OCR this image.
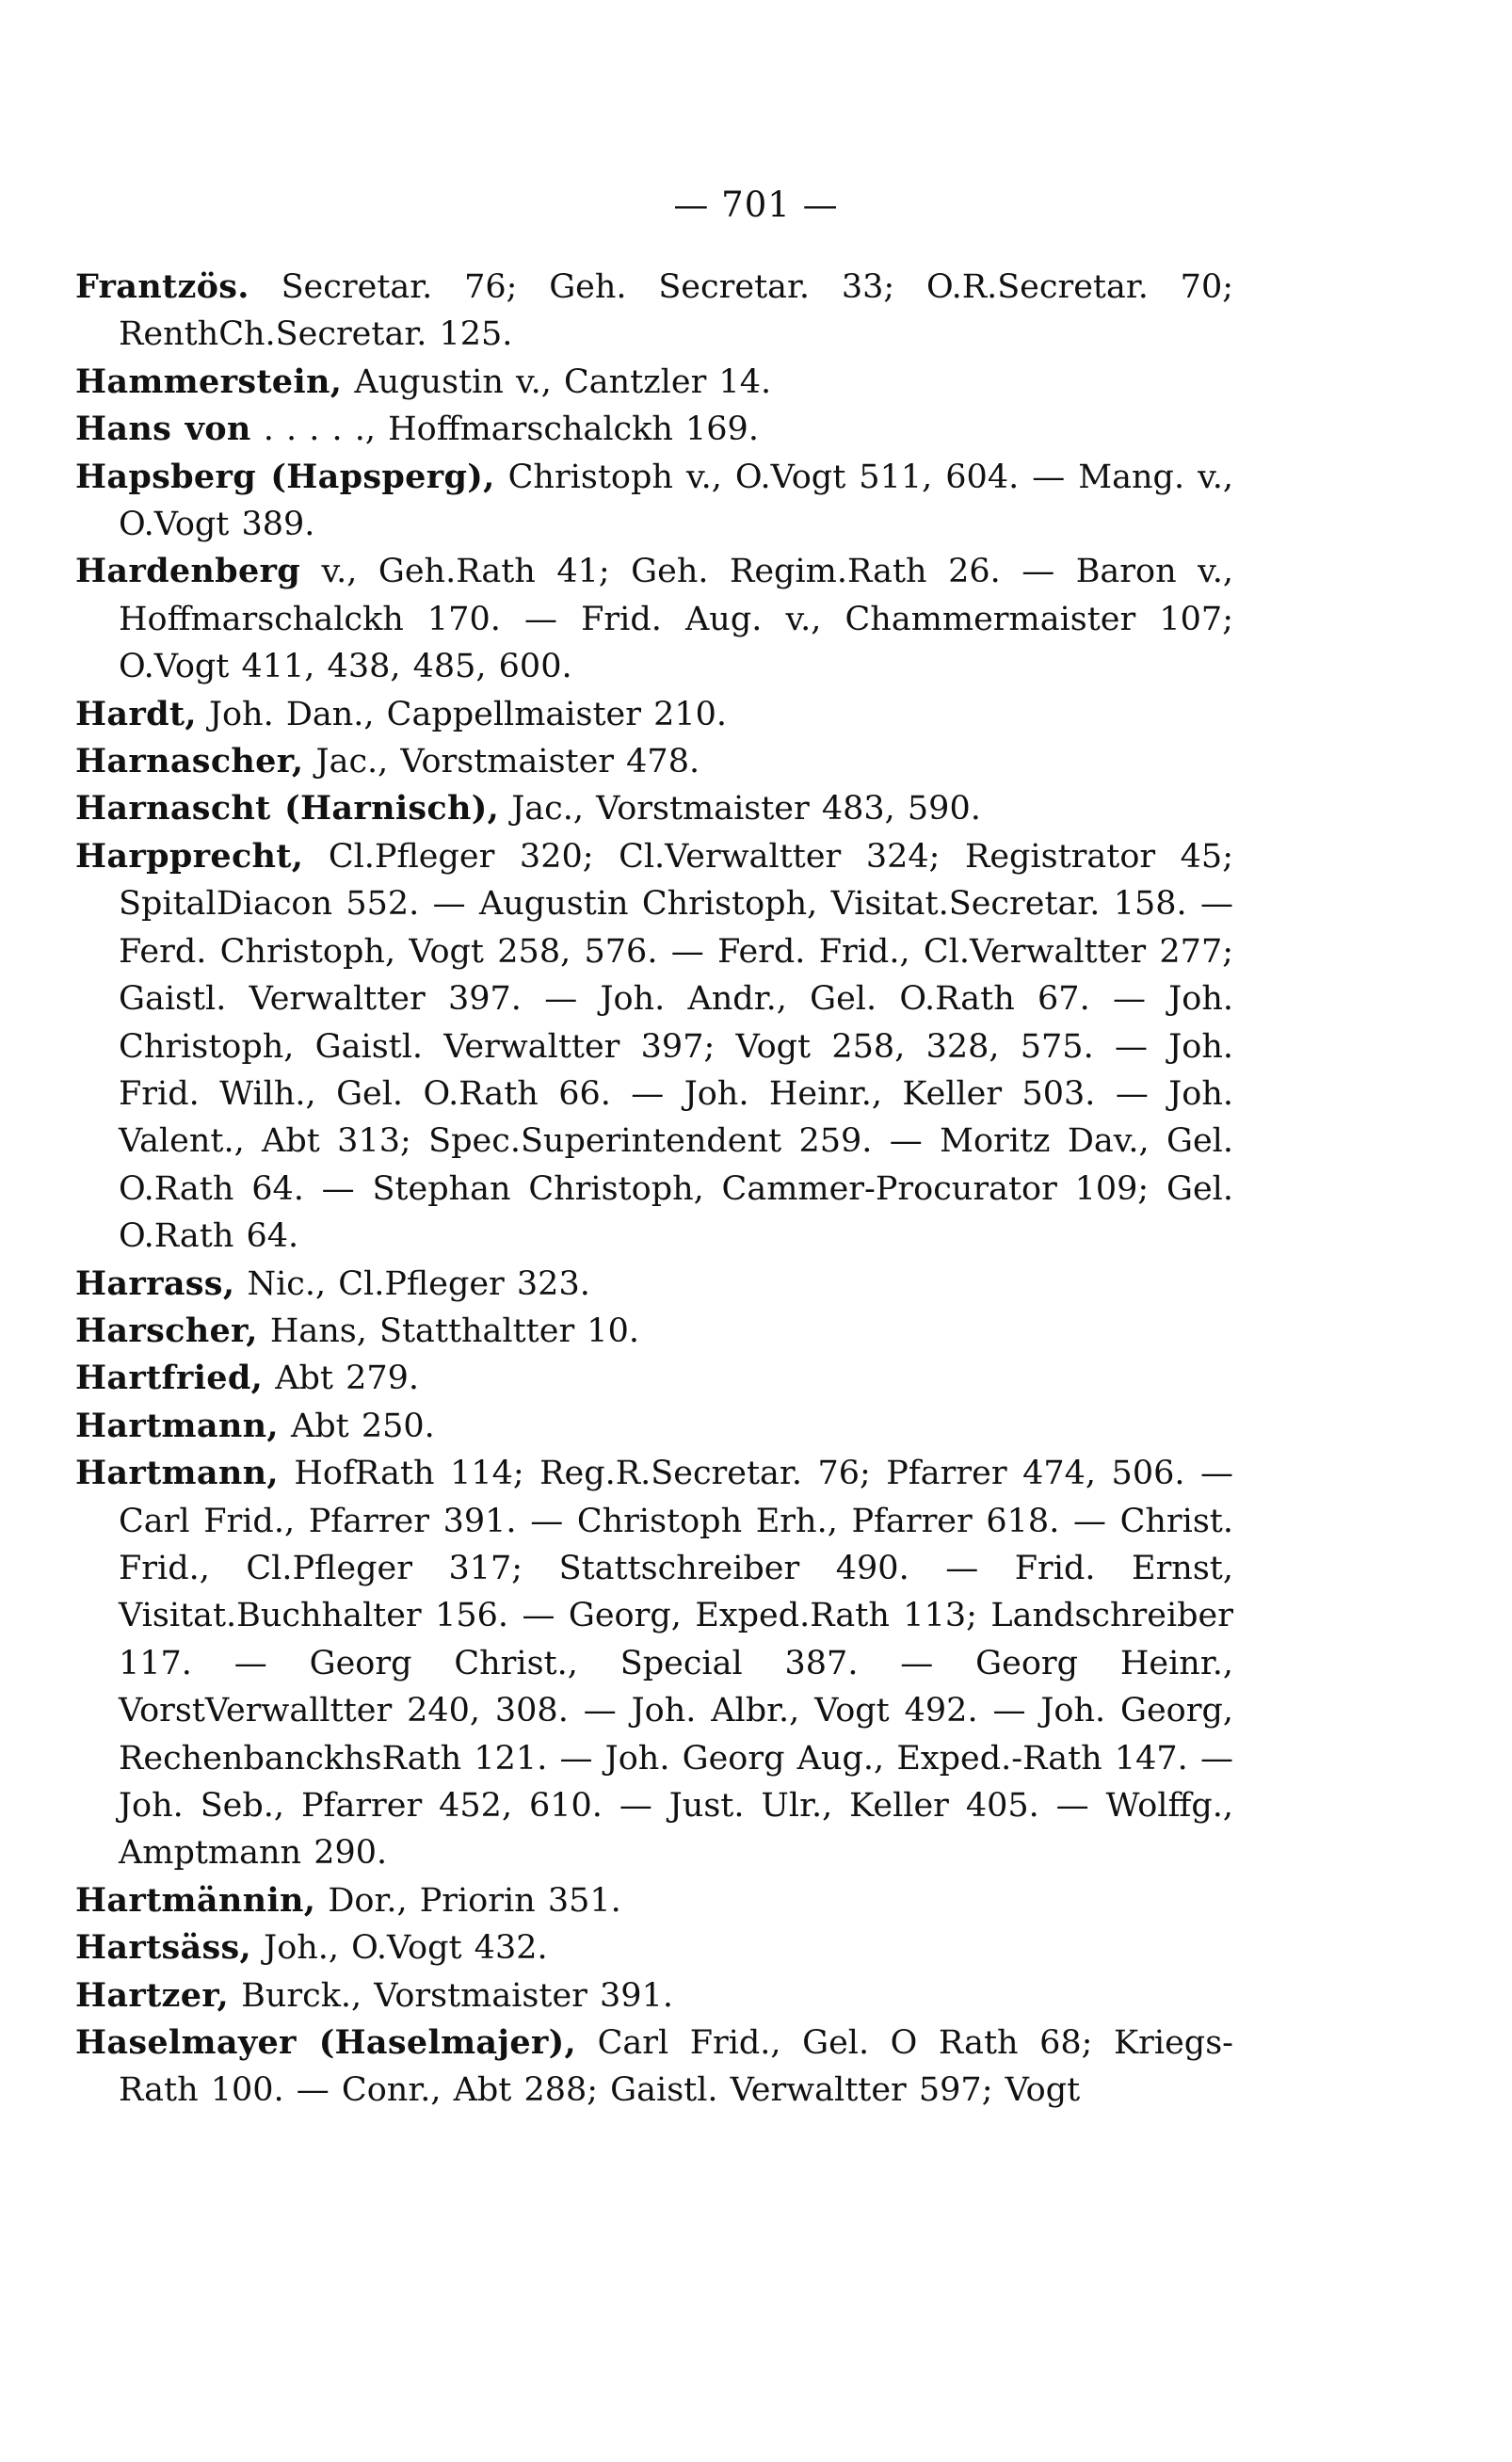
— 701 —

Frantzös. Secretar. 76; Geh. Secretar. 33; O.R.Secretar. 70; RenthCh.Secretar. 125.

Hammerstein, Augustin v., Cantzler 14.

Hans von . . . . ., Hoffmarschalckh 169.

Hapsberg (Hapsperg), Christoph v., O.Vogt 511, 604. — Mang. v., O.Vogt 389.

Hardenberg v., Geh.Rath 41; Geh. Regim.Rath 26. — Baron v., Hoffmarschalckh 170. — Frid. Aug. v., Chammermaister 107; O.Vogt 411, 438, 485, 600.

Hardt, Joh. Dan., Cappellmaister 210.

Harnascher, Jac., Vorstmaister 478.

Harnascht (Harnisch), Jac., Vorstmaister 483, 590.

Harpprecht, Cl.Pfleger 320; Cl.Verwaltter 324; Registrator 45; SpitalDiacon 552. — Augustin Christoph, Visitat.Secretar. 158. — Ferd. Christoph, Vogt 258, 576. — Ferd. Frid., Cl.Verwaltter 277; Gaistl. Verwaltter 397. — Joh. Andr., Gel. O.Rath 67. — Joh. Christoph, Gaistl. Verwaltter 397; Vogt 258, 328, 575. — Joh. Frid. Wilh., Gel. O.Rath 66. — Joh. Heinr., Keller 503. — Joh. Valent., Abt 313; Spec.Superintendent 259. — Moritz Dav., Gel. O.Rath 64. — Stephan Christoph, Cammer-Procurator 109; Gel. O.Rath 64.

Harrass, Nic., Cl.Pfleger 323.

Harscher, Hans, Statthaltter 10.

Hartfried, Abt 279.

Hartmann, Abt 250.

Hartmann, HofRath 114; Reg.R.Secretar. 76; Pfarrer 474, 506. — Carl Frid., Pfarrer 391. — Christoph Erh., Pfarrer 618. — Christ. Frid., Cl.Pfleger 317; Stattschreiber 490. — Frid. Ernst, Visitat.Buchhalter 156. — Georg, Exped.Rath 113; Landschreiber 117. — Georg Christ., Special 387. — Georg Heinr., VorstVerwalltter 240, 308. — Joh. Albr., Vogt 492. — Joh. Georg, RechenbanckhsRath 121. — Joh. Georg Aug., Exped.-Rath 147. — Joh. Seb., Pfarrer 452, 610. — Just. Ulr., Keller 405. — Wolffg., Amptmann 290.

Hartmännin, Dor., Priorin 351.

Hartsäss, Joh., O.Vogt 432.

Hartzer, Burck., Vorstmaister 391.

Haselmayer (Haselmajer), Carl Frid., Gel. O Rath 68; Kriegs-Rath 100. — Conr., Abt 288; Gaistl. Verwaltter 597; Vogt
